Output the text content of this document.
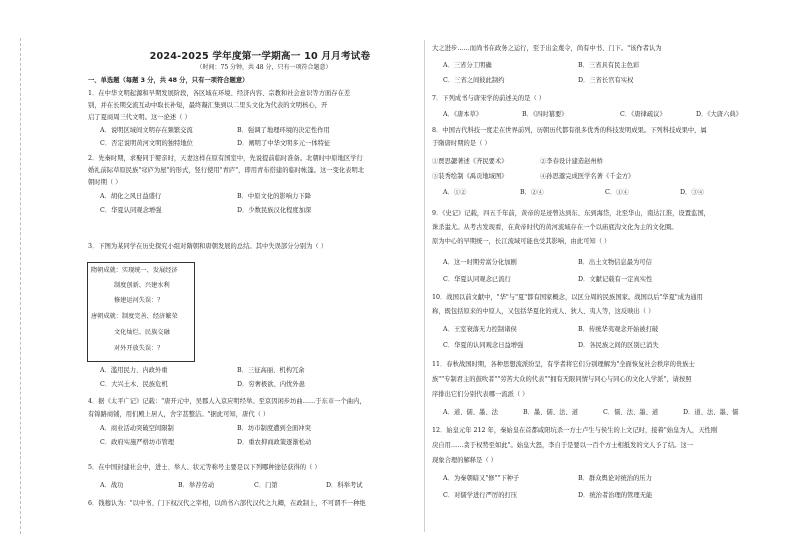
2024-2025 学年度第一学期高一 10 月月考试卷
（时间：75 分钟，共 48 分，只有一项符合题意）
一、单选题（每题 3 分，共 48 分，只有一项符合题意）
1．在中华文明起源和早期发展阶段，各区域在环境、经济内容、宗教和社会意识等方面存在差
别，并在长期交流互动中取长补短，最终凝汇集到以二里头文化为代表的文明核心，开
启了夏商周三代文明。这一论述（ ）
A．说明区域间文明存在频繁交流	B．强调了地理环境的决定性作用
C．否定说明黄河文明的独特地位	D．阐明了中华文明多元一体特征
2．先秦时期，求娶同于婴亲时，天妻这样在原有国室中，先说提前临时准备。北朝时中原地区学行
婚礼前际草原民族"穹庐为屋"的形式，竖行使用"青庐"，即用青布搭建的临时帐篷。这一变化表明北
朝时期（ ）
A．胡化之风日益盛行	B．中原文化的影响力下降
C．华夏认同观念增强	D．少数民族汉化程度加深
3．下图为某同学在历史探究小组对隋朝和唐朝发展的总结。其中失误部分分别为（ ）
隋朝成就：实现统一、发展经济
制度创新、兴建水利
修建运河失误：？
唐朝成就：制度完善、经济繁荣
文化灿烂、民族交融
对外开放失误：？
A．滥用民力、内政外重	B．三征高丽、机构冗余
C．大兴土木、民族危机	D．穷奢极欲、内忧外患
4．据《太平广记》记载："唐开元中，吴郡人入京应明经举。至京因闲步坊曲……于东市一个曲内，
有锦路商铺，用们殿上居人，舍宇甚整洁。"据此可知，唐代（ ）
A．商业活动突破空间限制	B．坊市制度遭到全面冲突
C．政府实施严格坊市管理	D．重农抑商政策逐渐松动
5．在中国封建社会中，进士、举人、状元等称号主要是以下列哪种途径获得的（ ）
A．战功	B．举荐劳动	C．门第	D．科举考试
6．钱穆认为："以中书、门下权汉代之宰相，以尚书六部代汉代之九卿，在政制上，不可谓不一种绝
大之进步……而尚书在政务之运行，至于出金蔑令，尚有中书、门下。"该作者认为
A．三省分工明确	B．三省具有民主色彩
C．三省之间彼此制约	D．三省长官有实权
7．下列成书与唐宋学的前述关的是（ ）
A．《唐本草》	B．《四时纂要》	C．《唐律疏议》	D．《大唐六典》
8．中国古代科技一度走在世界前列，历朝历代都有很多优秀的科技发明成果。下列科技成果中，属
于隋唐时期的是（ ）
①贾思勰著述《齐民要术》	②李春设计建造赵州桥
③装秀绘制《禹贡地域图》	④孙思邈完成医学名著《千金方》
A．①②	B．②④	C．①④	D．③④
9．《史记》记载，四五千年前，黄帝的足迹曾达到东、东到海岱，北至华山，南达江淮，设置监国，
诛杀蚩尤。从考古发现看，在黄帝时代的黄河流域存在一个以庙底沟文化为主的文化圈。
原为中心的早期统一，长江流域可能也受其影响，由此可知（ ）
A．这一时期劳富分化加剧	B．出土文物信息最为可信
C．华夏认同观念已流行	D．文献记载有一定真实性
10．战国以前文献中，"华"与"夏"都有国家概念，以区分周的民族国家。战国以后"华夏"成为通用
称，既包括原来的中原人，又包括华夏化的戎人、狄人、夷人等，这反映出（ ）
A．王室衰落无力控制诸侯	B．传统华夷观念开始被打破
C．华夏的认同观念日益增强	D．各民族之间的区别已消失
11．春秋战国时期，各种思想流派纷呈，有学者将它们分别理解为"全面恢复社会秩序的贵族士
族""专制君主的鼓吹者""劳苦大众的代表""拥有无限同情与同心与同心的文化人学派"，请按照
序排出它们分别代表哪一流派（ ）
A．道、儒、墨、法	B．墨、儒、法、道	C．儒、法、墨、道	D．道、法、墨、儒
12．始皇元年 212 年，秦始皇在首都咸阳坑杀一方士卢生与侯生的上文记时，接着"始皇为人，天性刚
戾自用……贪于权势至如此"。始皇大怒，李自于是要以一百个方士相抵发的文人予了结。这一
现象合理的解释是（ ）
A．为秦朝暗又"修""下种子	B．群众舆论对统治的压力
C．对儒学进行严厉的打压	D．统治者治理的管理无能
